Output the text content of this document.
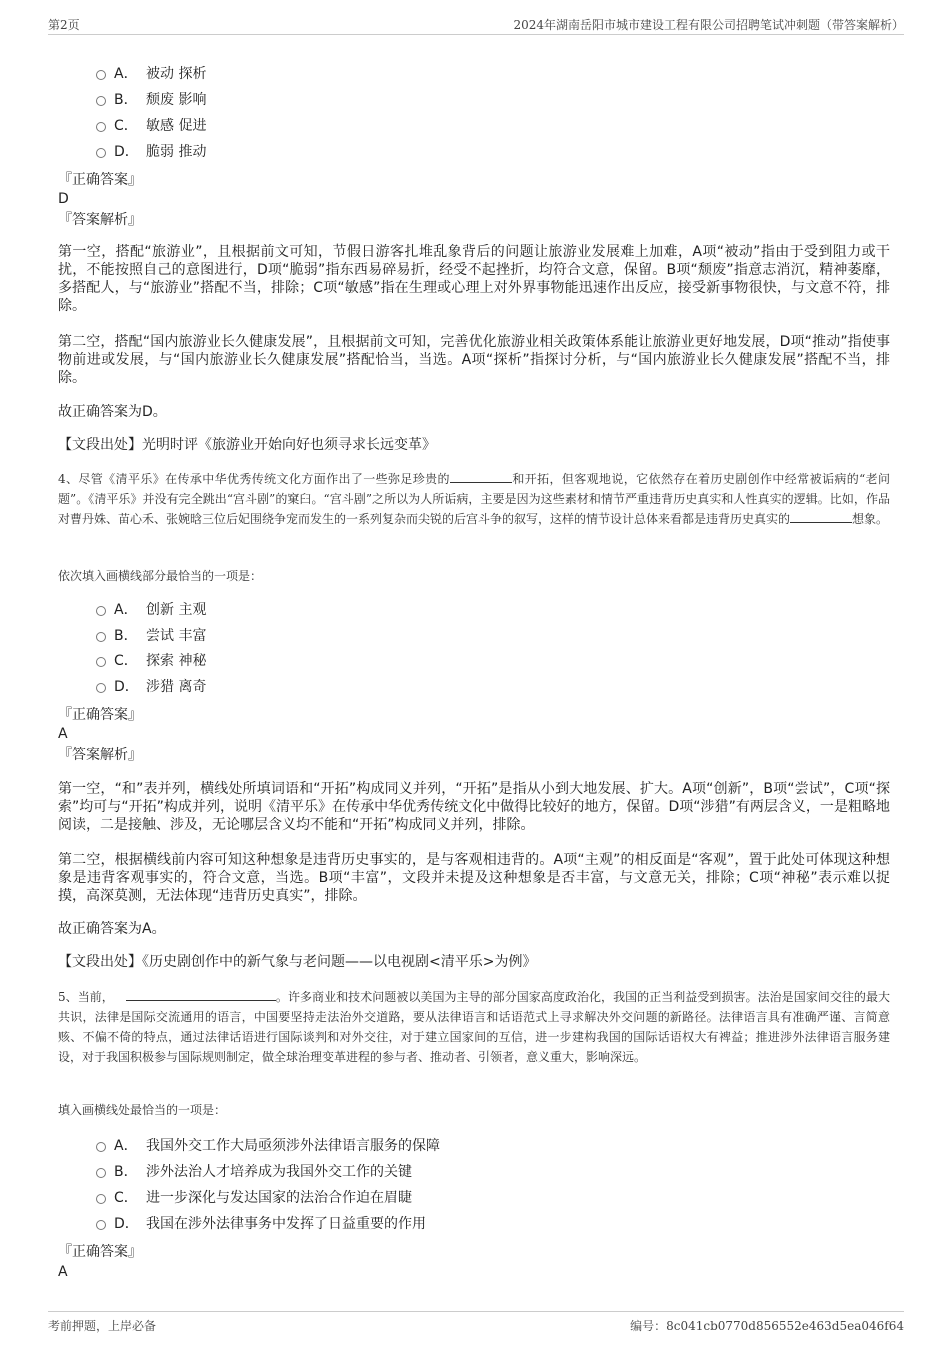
第2页	2024年湖南岳阳市城市建设工程有限公司招聘笔试冲刺题（带答案解析）
A． 被动 探析
B． 颓废 影响
C． 敏感 促进
D． 脆弱 推动
『正确答案』
D
『答案解析』
第一空，搭配“旅游业”，且根据前文可知，节假日游客扎堆乱象背后的问题让旅游业发展难上加难，A项“被动”指由于受到阻力或干扰，不能按照自己的意图进行，D项“脆弱”指东西易碎易折，经受不起挫折，均符合文意，保留。B项“颓废”指意志消沉，精神萎靡，多搭配人，与“旅游业”搭配不当，排除；C项“敏感”指在生理或心理上对外界事物能迅速作出反应，接受新事物很快，与文意不符，排除。
第二空，搭配“国内旅游业长久健康发展”，且根据前文可知，完善优化旅游业相关政策体系能让旅游业更好地发展，D项“推动”指使事物前进或发展，与“国内旅游业长久健康发展”搭配恰当，当选。A项“探析”指探讨分析，与“国内旅游业长久健康发展”搭配不当，排除。
故正确答案为D。
【文段出处】光明时评《旅游业开始向好也须寻求长远变革》
4、尽管《清平乐》在传承中华优秀传统文化方面作出了一些弥足珍贵的	和开拓，但客观地说，它依然存在着历史剧创作中经常被诟病的“老问题”。《清平乐》并没有完全跳出“宫斗剧”的窠臼。“宫斗剧”之所以为人所诟病，主要是因为这些素材和情节严重违背历史真实和人性真实的逻辑。比如，作品对曹丹姝、苗心禾、张婉晗三位后妃围绕争宠而发生的一系列复杂而尖锐的后宫斗争的叙写，这样的情节设计总体来看都是违背历史真实的	想象。
依次填入画横线部分最恰当的一项是：
A． 创新 主观
B． 尝试 丰富
C． 探索 神秘
D． 涉猎 离奇
『正确答案』
A
『答案解析』
第一空，“和”表并列，横线处所填词语和“开拓”构成同义并列，“开拓”是指从小到大地发展、扩大。A项“创新”，B项“尝试”，C项“探索”均可与“开拓”构成并列，说明《清平乐》在传承中华优秀传统文化中做得比较好的地方，保留。D项“涉猎”有两层含义，一是粗略地阅读，二是接触、涉及，无论哪层含义均不能和“开拓”构成同义并列，排除。
第二空，根据横线前内容可知这种想象是违背历史事实的，是与客观相违背的。A项“主观”的相反面是“客观”，置于此处可体现这种想象是违背客观事实的，符合文意，当选。B项“丰富”，文段并未提及这种想象是否丰富，与文意无关，排除；C项“神秘”表示难以捉摸，高深莫测，无法体现“违背历史真实”，排除。
故正确答案为A。
【文段出处】《历史剧创作中的新气象与老问题——以电视剧<清平乐>为例》
5、当前，	。许多商业和技术问题被以美国为主导的部分国家高度政治化，我国的正当利益受到损害。法治是国家间交往的最大共识，法律是国际交流通用的语言，中国要坚持走法治外交道路，要从法律语言和话语范式上寻求解决外交问题的新路径。法律语言具有准确严谨、言简意赅、不偏不倚的特点，通过法律话语进行国际谈判和对外交往，对于建立国家间的互信，进一步建构我国的国际话语权大有裨益；推进涉外法律语言服务建设，对于我国积极参与国际规则制定，做全球治理变革进程的参与者、推动者、引领者，意义重大，影响深远。
填入画横线处最恰当的一项是：
A． 我国外交工作大局亟须涉外法律语言服务的保障
B． 涉外法治人才培养成为我国外交工作的关键
C． 进一步深化与发达国家的法治合作迫在眉睫
D． 我国在涉外法律事务中发挥了日益重要的作用
『正确答案』
A
考前押题，上岸必备	编号：8c041cb0770d856552e463d5ea046f64
